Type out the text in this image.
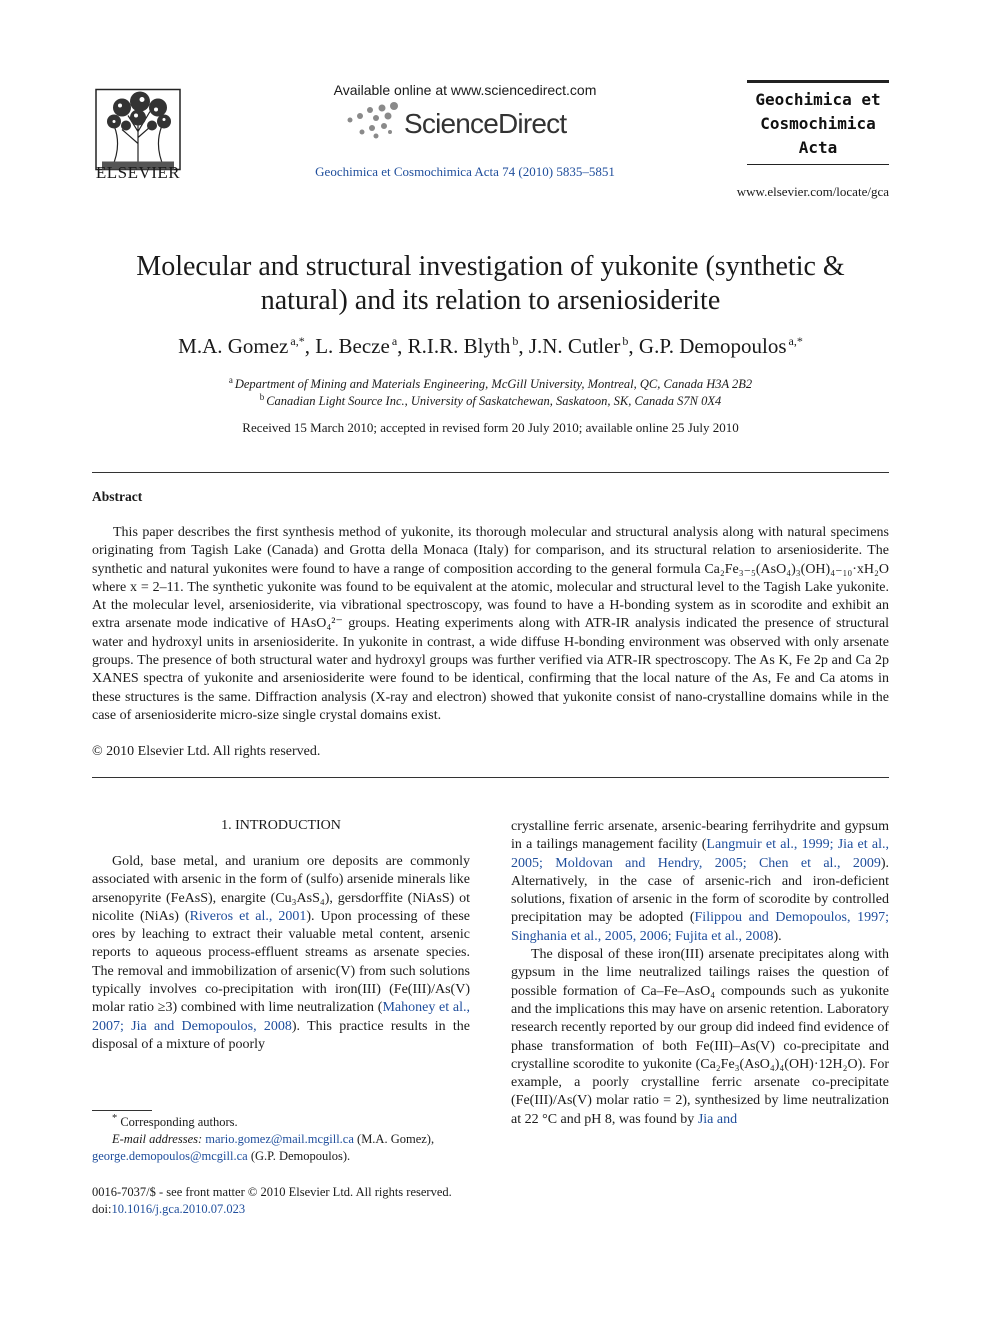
ELSEVIER
Available online at www.sciencedirect.com
ScienceDirect
Geochimica et Cosmochimica Acta 74 (2010) 5835–5851
Geochimica et
Cosmochimica
Acta
www.elsevier.com/locate/gca
Molecular and structural investigation of yukonite (synthetic & natural) and its relation to arseniosiderite
M.A. Gomez $^{a,*}$, L. Becze $^a$, R.I.R. Blyth $^b$, J.N. Cutler $^b$, G.P. Demopoulos $^{a,*}$
$^a$ Department of Mining and Materials Engineering, McGill University, Montreal, QC, Canada H3A 2B2
$^b$ Canadian Light Source Inc., University of Saskatchewan, Saskatoon, SK, Canada S7N 0X4
Received 15 March 2010; accepted in revised form 20 July 2010; available online 25 July 2010
Abstract
This paper describes the first synthesis method of yukonite, its thorough molecular and structural analysis along with natural specimens originating from Tagish Lake (Canada) and Grotta della Monaca (Italy) for comparison, and its structural relation to arseniosiderite. The synthetic and natural yukonites were found to have a range of composition according to the general formula Ca₂Fe₃₋₅(AsO₄)₃(OH)₄₋₁₀·xH₂O where x = 2–11. The synthetic yukonite was found to be equivalent at the atomic, molecular and structural level to the Tagish Lake yukonite. At the molecular level, arseniosiderite, via vibrational spectroscopy, was found to have a H-bonding system as in scorodite and exhibit an extra arsenate mode indicative of HAsO₄²⁻ groups. Heating experiments along with ATR-IR analysis indicated the presence of structural water and hydroxyl units in arseniosiderite. In yukonite in contrast, a wide diffuse H-bonding environment was observed with only arsenate groups. The presence of both structural water and hydroxyl groups was further verified via ATR-IR spectroscopy. The As K, Fe 2p and Ca 2p XANES spectra of yukonite and arseniosiderite were found to be identical, confirming that the local nature of the As, Fe and Ca atoms in these structures is the same. Diffraction analysis (X-ray and electron) showed that yukonite consist of nano-crystalline domains while in the case of arseniosiderite micro-size single crystal domains exist.
© 2010 Elsevier Ltd. All rights reserved.
1. INTRODUCTION

Gold, base metal, and uranium ore deposits are commonly associated with arsenic in the form of (sulfo) arsenide minerals like arsenopyrite (FeAsS), enargite (Cu₃AsS₄), gersdorffite (NiAsS) ot nicolite (NiAs) (Riveros et al., 2001). Upon processing of these ores by leaching to extract their valuable metal content, arsenic reports to aqueous process-effluent streams as arsenate species. The removal and immobilization of arsenic(V) from such solutions typically involves co-precipitation with iron(III) (Fe(III)/As(V) molar ratio ≥3) combined with lime neutralization (Mahoney et al., 2007; Jia and Demopoulos, 2008). This practice results in the disposal of a mixture of poorly

crystalline ferric arsenate, arsenic-bearing ferrihydrite and gypsum in a tailings management facility (Langmuir et al., 1999; Jia et al., 2005; Moldovan and Hendry, 2005; Chen et al., 2009). Alternatively, in the case of arsenic-rich and iron-deficient solutions, fixation of arsenic in the form of scorodite by controlled precipitation may be adopted (Filippou and Demopoulos, 1997; Singhania et al., 2005, 2006; Fujita et al., 2008).

The disposal of these iron(III) arsenate precipitates along with gypsum in the lime neutralized tailings raises the question of possible formation of Ca–Fe–AsO₄ compounds such as yukonite and the implications this may have on arsenic retention. Laboratory research recently reported by our group did indeed find evidence of phase transformation of both Fe(III)–As(V) co-precipitate and crystalline scorodite to yukonite (Ca₂Fe₃(AsO₄)₄(OH)·12H₂O). For example, a poorly crystalline ferric arsenate co-precipitate (Fe(III)/As(V) molar ratio = 2), synthesized by lime neutralization at 22 °C and pH 8, was found by Jia and

* Corresponding authors.
E-mail addresses: mario.gomez@mail.mcgill.ca (M.A. Gomez),
george.demopoulos@mcgill.ca (G.P. Demopoulos).
0016-7037/$ - see front matter © 2010 Elsevier Ltd. All rights reserved.
doi:10.1016/j.gca.2010.07.023
